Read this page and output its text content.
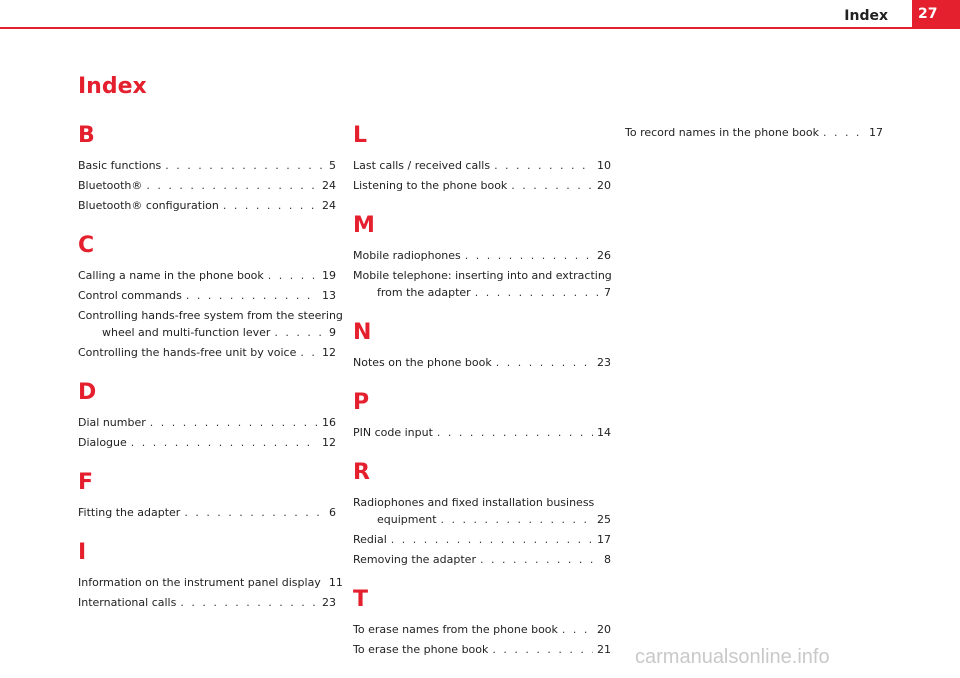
Index	27
Index
B
Basic functions . . .	5
Bluetooth® . . .	24
Bluetooth® configuration . . .	24
C
Calling a name in the phone book . . .	19
Control commands . . .	13
Controlling hands-free system from the steering
wheel and multi-function lever . . .	9
Controlling the hands-free unit by voice . . . 12
D
Dial number . . .	16
Dialogue . . .	12
F
Fitting the adapter . . .	6
I
Information on the instrument panel display 11
International calls . . .	23
L
Last calls / received calls . . .	10
Listening to the phone book . . .	20
M
Mobile radiophones . . .	26
Mobile telephone: inserting into and extracting
from the adapter . . .	7
N
Notes on the phone book . . .	23
P
PIN code input . . .	14
R
Radiophones and fixed installation business
equipment . . .	25
Redial . . .	17
Removing the adapter . . .	8
T
To erase names from the phone book . . .	20
To erase the phone book . . .	21
To record names in the phone book . . .	17
carmanualsonline.info
